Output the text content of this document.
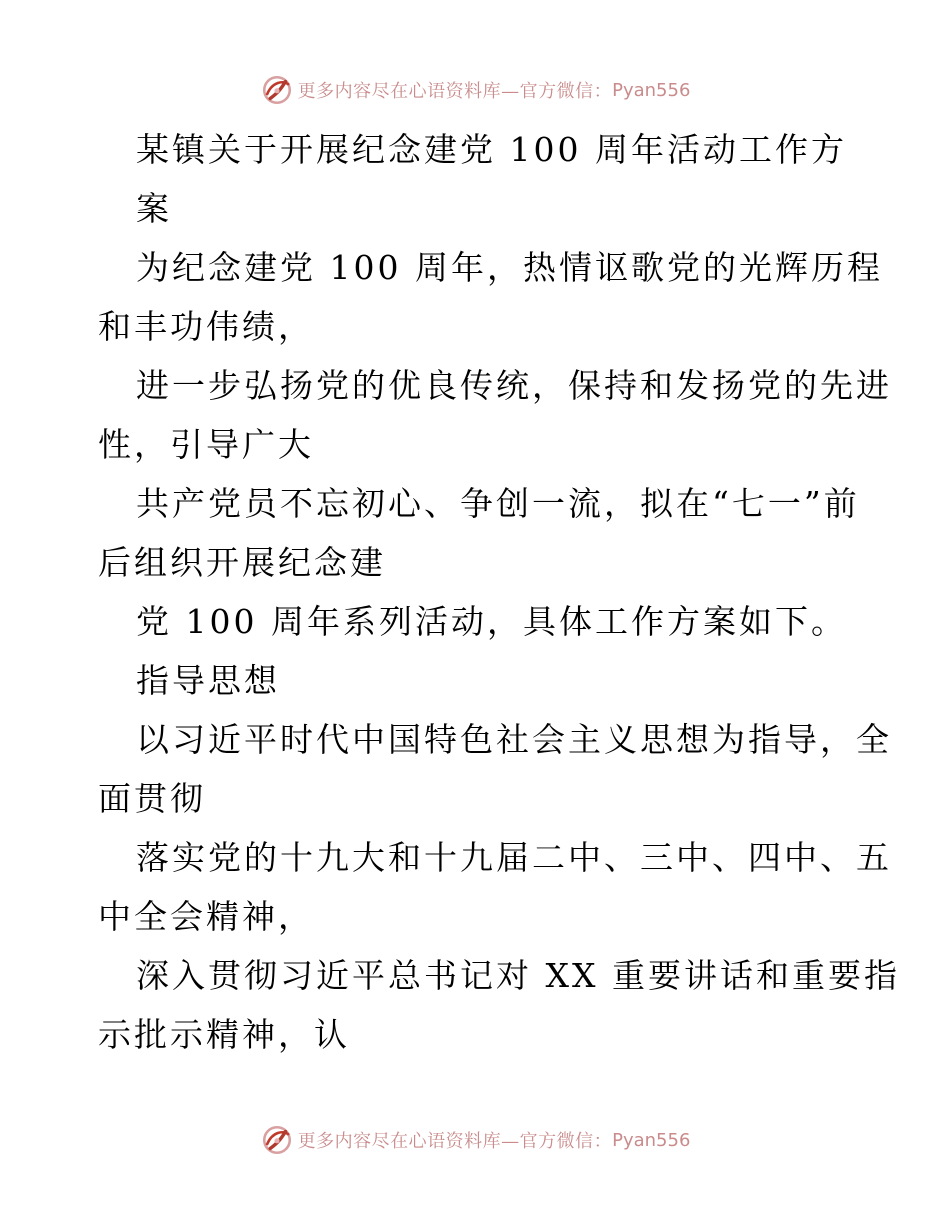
更多内容尽在心语资料库—官方微信： Pyan556
某镇关于开展纪念建党 100 周年活动工作方
案
为纪念建党 100 周年，热情讴歌党的光辉历程
和丰功伟绩，
进一步弘扬党的优良传统，保持和发扬党的先进
性，引导广大
共产党员不忘初心、争创一流，拟在“七一”前
后组织开展纪念建
党 100 周年系列活动，具体工作方案如下。
指导思想
以习近平时代中国特色社会主义思想为指导，全
面贯彻
落实党的十九大和十九届二中、三中、四中、五
中全会精神，
深入贯彻习近平总书记对 XX 重要讲话和重要指
示批示精神，认
更多内容尽在心语资料库—官方微信： Pyan556
